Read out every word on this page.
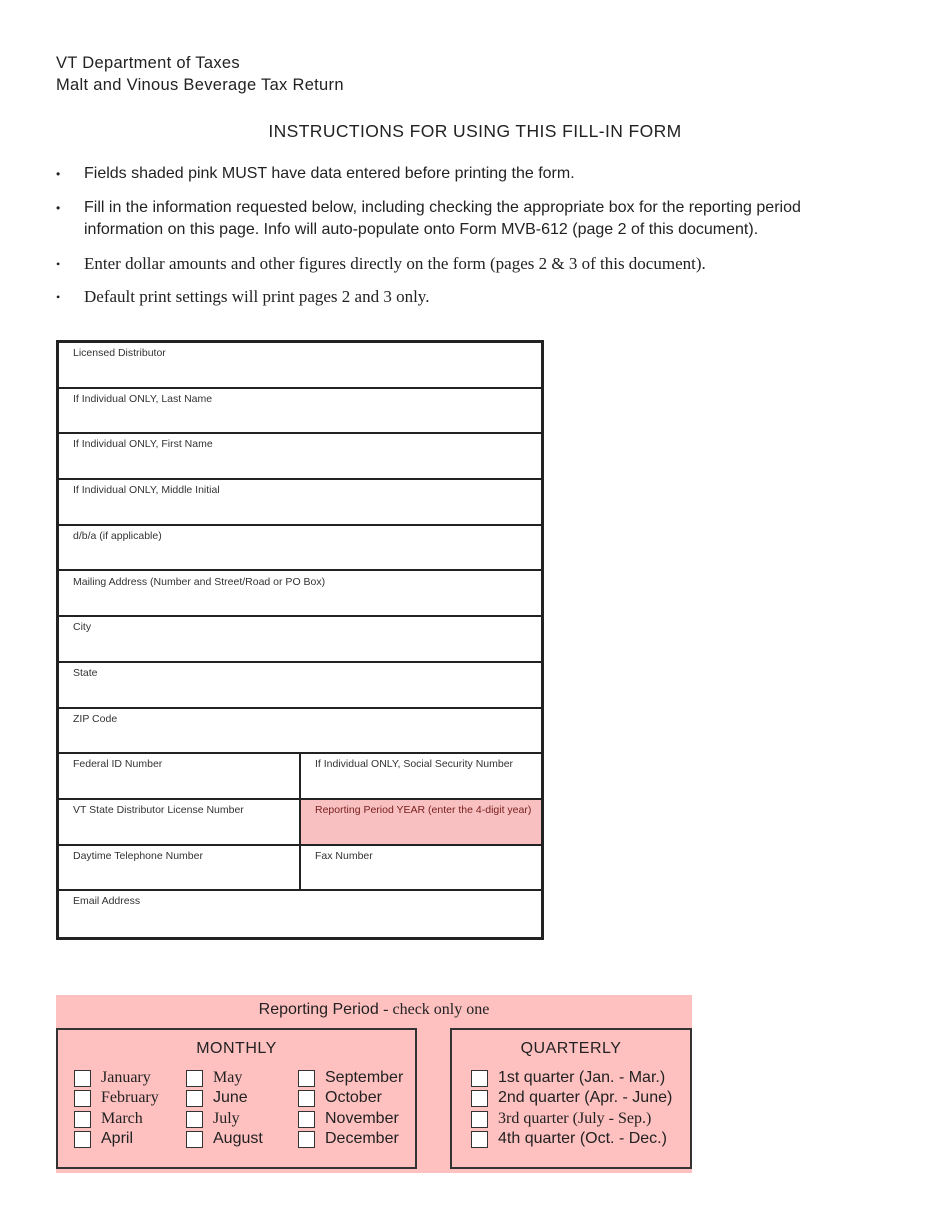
VT Department of Taxes
Malt and Vinous Beverage Tax Return
INSTRUCTIONS FOR USING THIS FILL-IN FORM
• Fields shaded pink MUST have data entered before printing the form.
• Fill in the information requested below, including checking the appropriate box for the reporting period information on this page. Info will auto-populate onto Form MVB-612 (page 2 of this document).
• Enter dollar amounts and other figures directly on the form (pages 2 & 3 of this document).
• Default print settings will print pages 2 and 3 only.
Licensed Distributor
If Individual ONLY, Last Name
If Individual ONLY, First Name
If Individual ONLY, Middle Initial
d/b/a (if applicable)
Mailing Address (Number and Street/Road or PO Box)
City
State
ZIP Code
Federal ID Number	If Individual ONLY, Social Security Number
VT State Distributor License Number	Reporting Period YEAR (enter the 4-digit year)
Daytime Telephone Number	Fax Number
Email Address
Reporting Period - check only one
MONTHLY
January
February
March
April
May
June
July
August
September
October
November
December
QUARTERLY
1st quarter (Jan. - Mar.)
2nd quarter (Apr. - June)
3rd quarter (July - Sep.)
4th quarter (Oct. - Dec.)
